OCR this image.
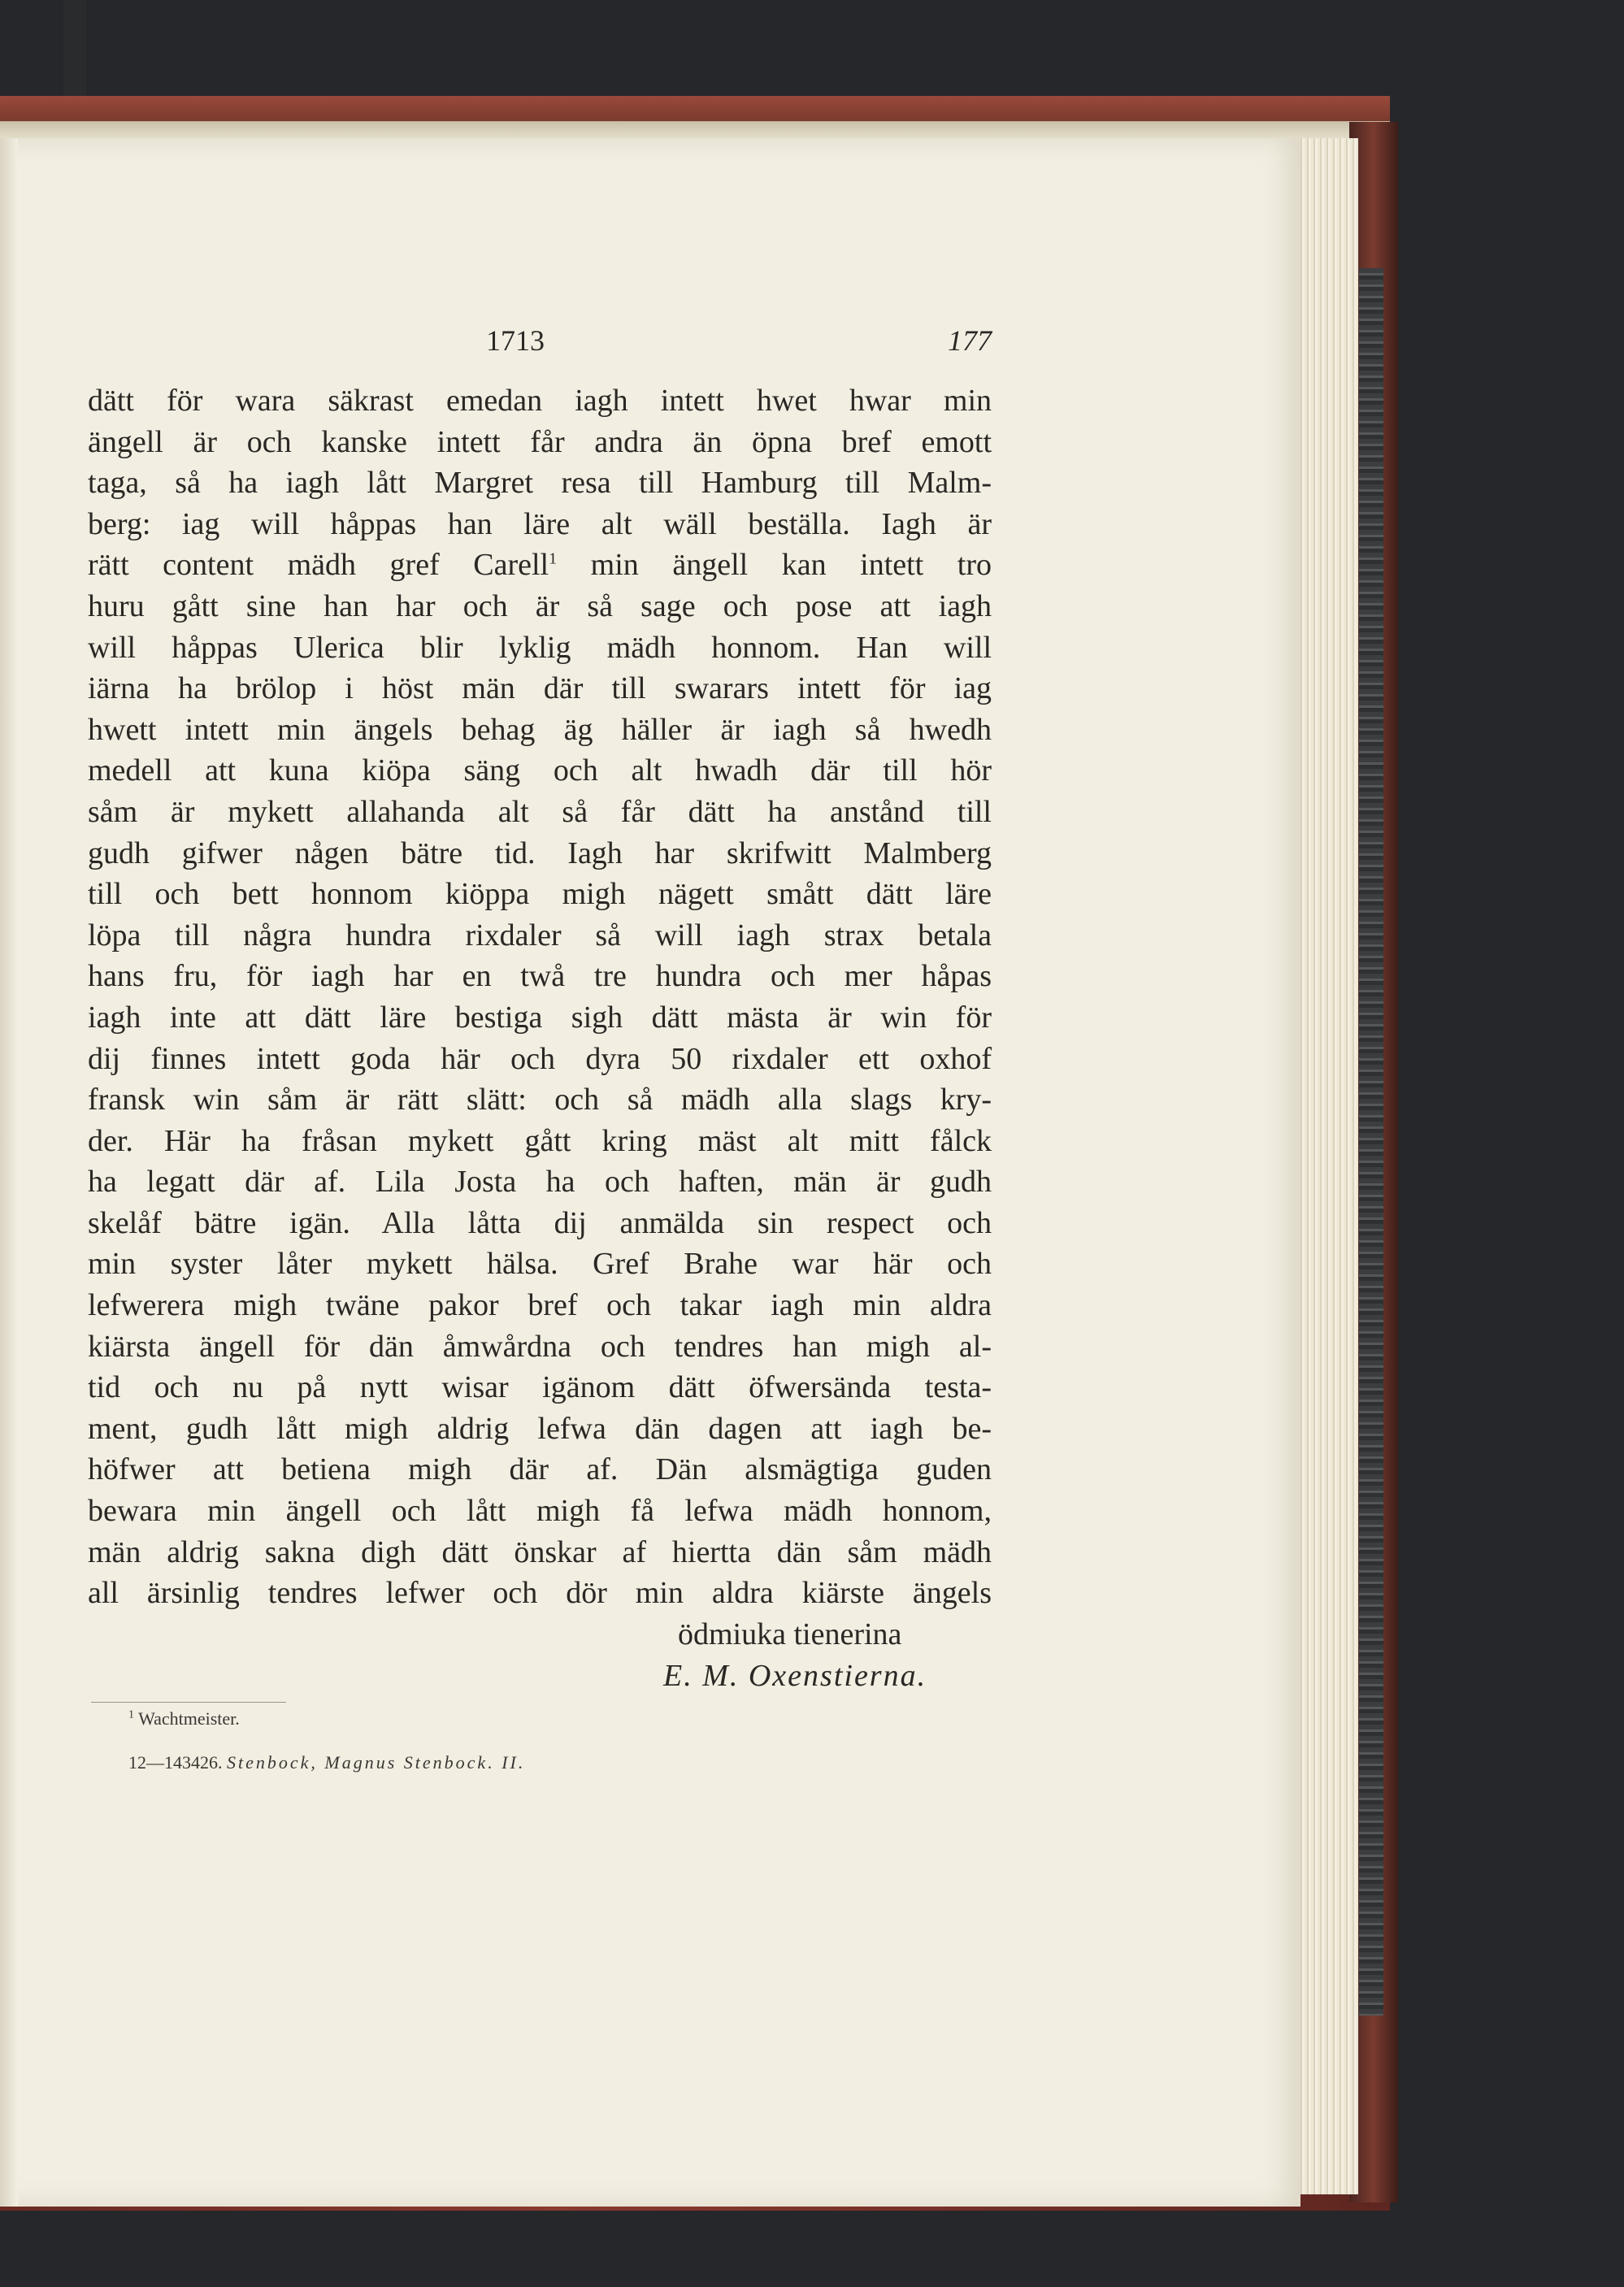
1713	177
dätt för wara säkrast emedan iagh intett hwet hwar min
ängell är och kanske intett får andra än öpna bref emott
taga, så ha iagh lått Margret resa till Hamburg till Malm-
berg: iag will håppas han läre alt wäll beställa. Iagh är
rätt content mädh gref Carell$^1$ min ängell kan intett tro
huru gått sine han har och är så sage och pose att iagh
will håppas Ulerica blir lyklig mädh honnom. Han will
iärna ha brölop i höst män där till swarars intett för iag
hwett intett min ängels behag äg häller är iagh så hwedh
medell att kuna kiöpa säng och alt hwadh där till hör
såm är mykett allahanda alt så får dätt ha anstånd till
gudh gifwer någen bätre tid. Iagh har skrifwitt Malmberg
till och bett honnom kiöppa migh nägett smått dätt läre
löpa till några hundra rixdaler så will iagh strax betala
hans fru, för iagh har en twå tre hundra och mer håpas
iagh inte att dätt läre bestiga sigh dätt mästa är win för
dij finnes intett goda här och dyra 50 rixdaler ett oxhof
fransk win såm är rätt slätt: och så mädh alla slags kry-
der. Här ha fråsan mykett gått kring mäst alt mitt fålck
ha legatt där af. Lila Josta ha och haften, män är gudh
skelåf bätre igän. Alla låtta dij anmälda sin respect och
min syster låter mykett hälsa. Gref Brahe war här och
lefwerera migh twäne pakor bref och takar iagh min aldra
kiärsta ängell för dän åmwårdna och tendres han migh al-
tid och nu på nytt wisar igänom dätt öfwersända testa-
ment, gudh lått migh aldrig lefwa dän dagen att iagh be-
höfwer att betiena migh där af. Dän alsmägtiga guden
bewara min ängell och lått migh få lefwa mädh honnom,
män aldrig sakna digh dätt önskar af hiertta dän såm mädh
all ärsinlig tendres lefwer och dör min aldra kiärste ängels
ödmiuka tienerina
E. M. Oxenstierna.
$^1$ Wachtmeister.
12—143426. Stenbock, Magnus Stenbock. II.
